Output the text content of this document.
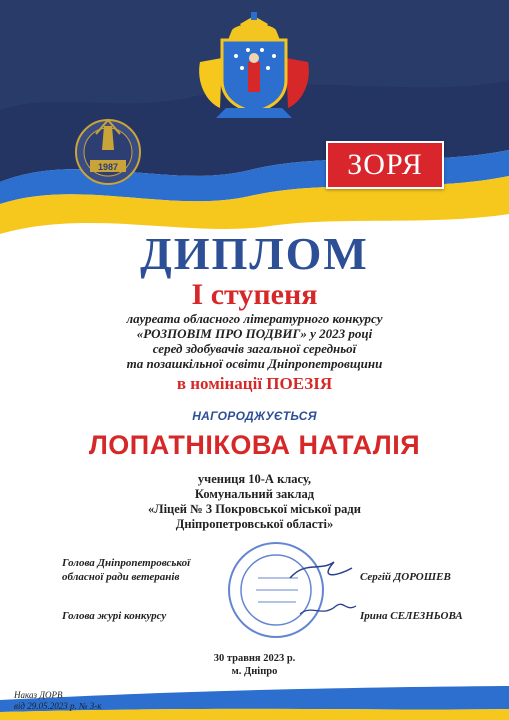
1987	ЗОРЯ
ДИПЛОМ
I ступеня
лауреата обласного літературного конкурсу
«РОЗПОВІМ ПРО ПОДВИГ» у 2023 році
серед здобувачів загальної середньої
та позашкільної освіти Дніпропетровщини
в номінації ПОЕЗІЯ
НАГОРОДЖУЄТЬСЯ
ЛОПАТНІКОВА НАТАЛІЯ
учениця 10-А класу,
Комунальний заклад
«Ліцей № 3 Покровської міської ради
Дніпропетровської області»
Голова Дніпропетровської
обласної ради ветеранів	Сергій ДОРОШЕВ
Голова журі конкурсу	Ірина СЕЛЕЗНЬОВА
30 травня 2023 р.
м. Дніпро
Наказ ДОРВ
від 29.05.2023 р. № 3-к
